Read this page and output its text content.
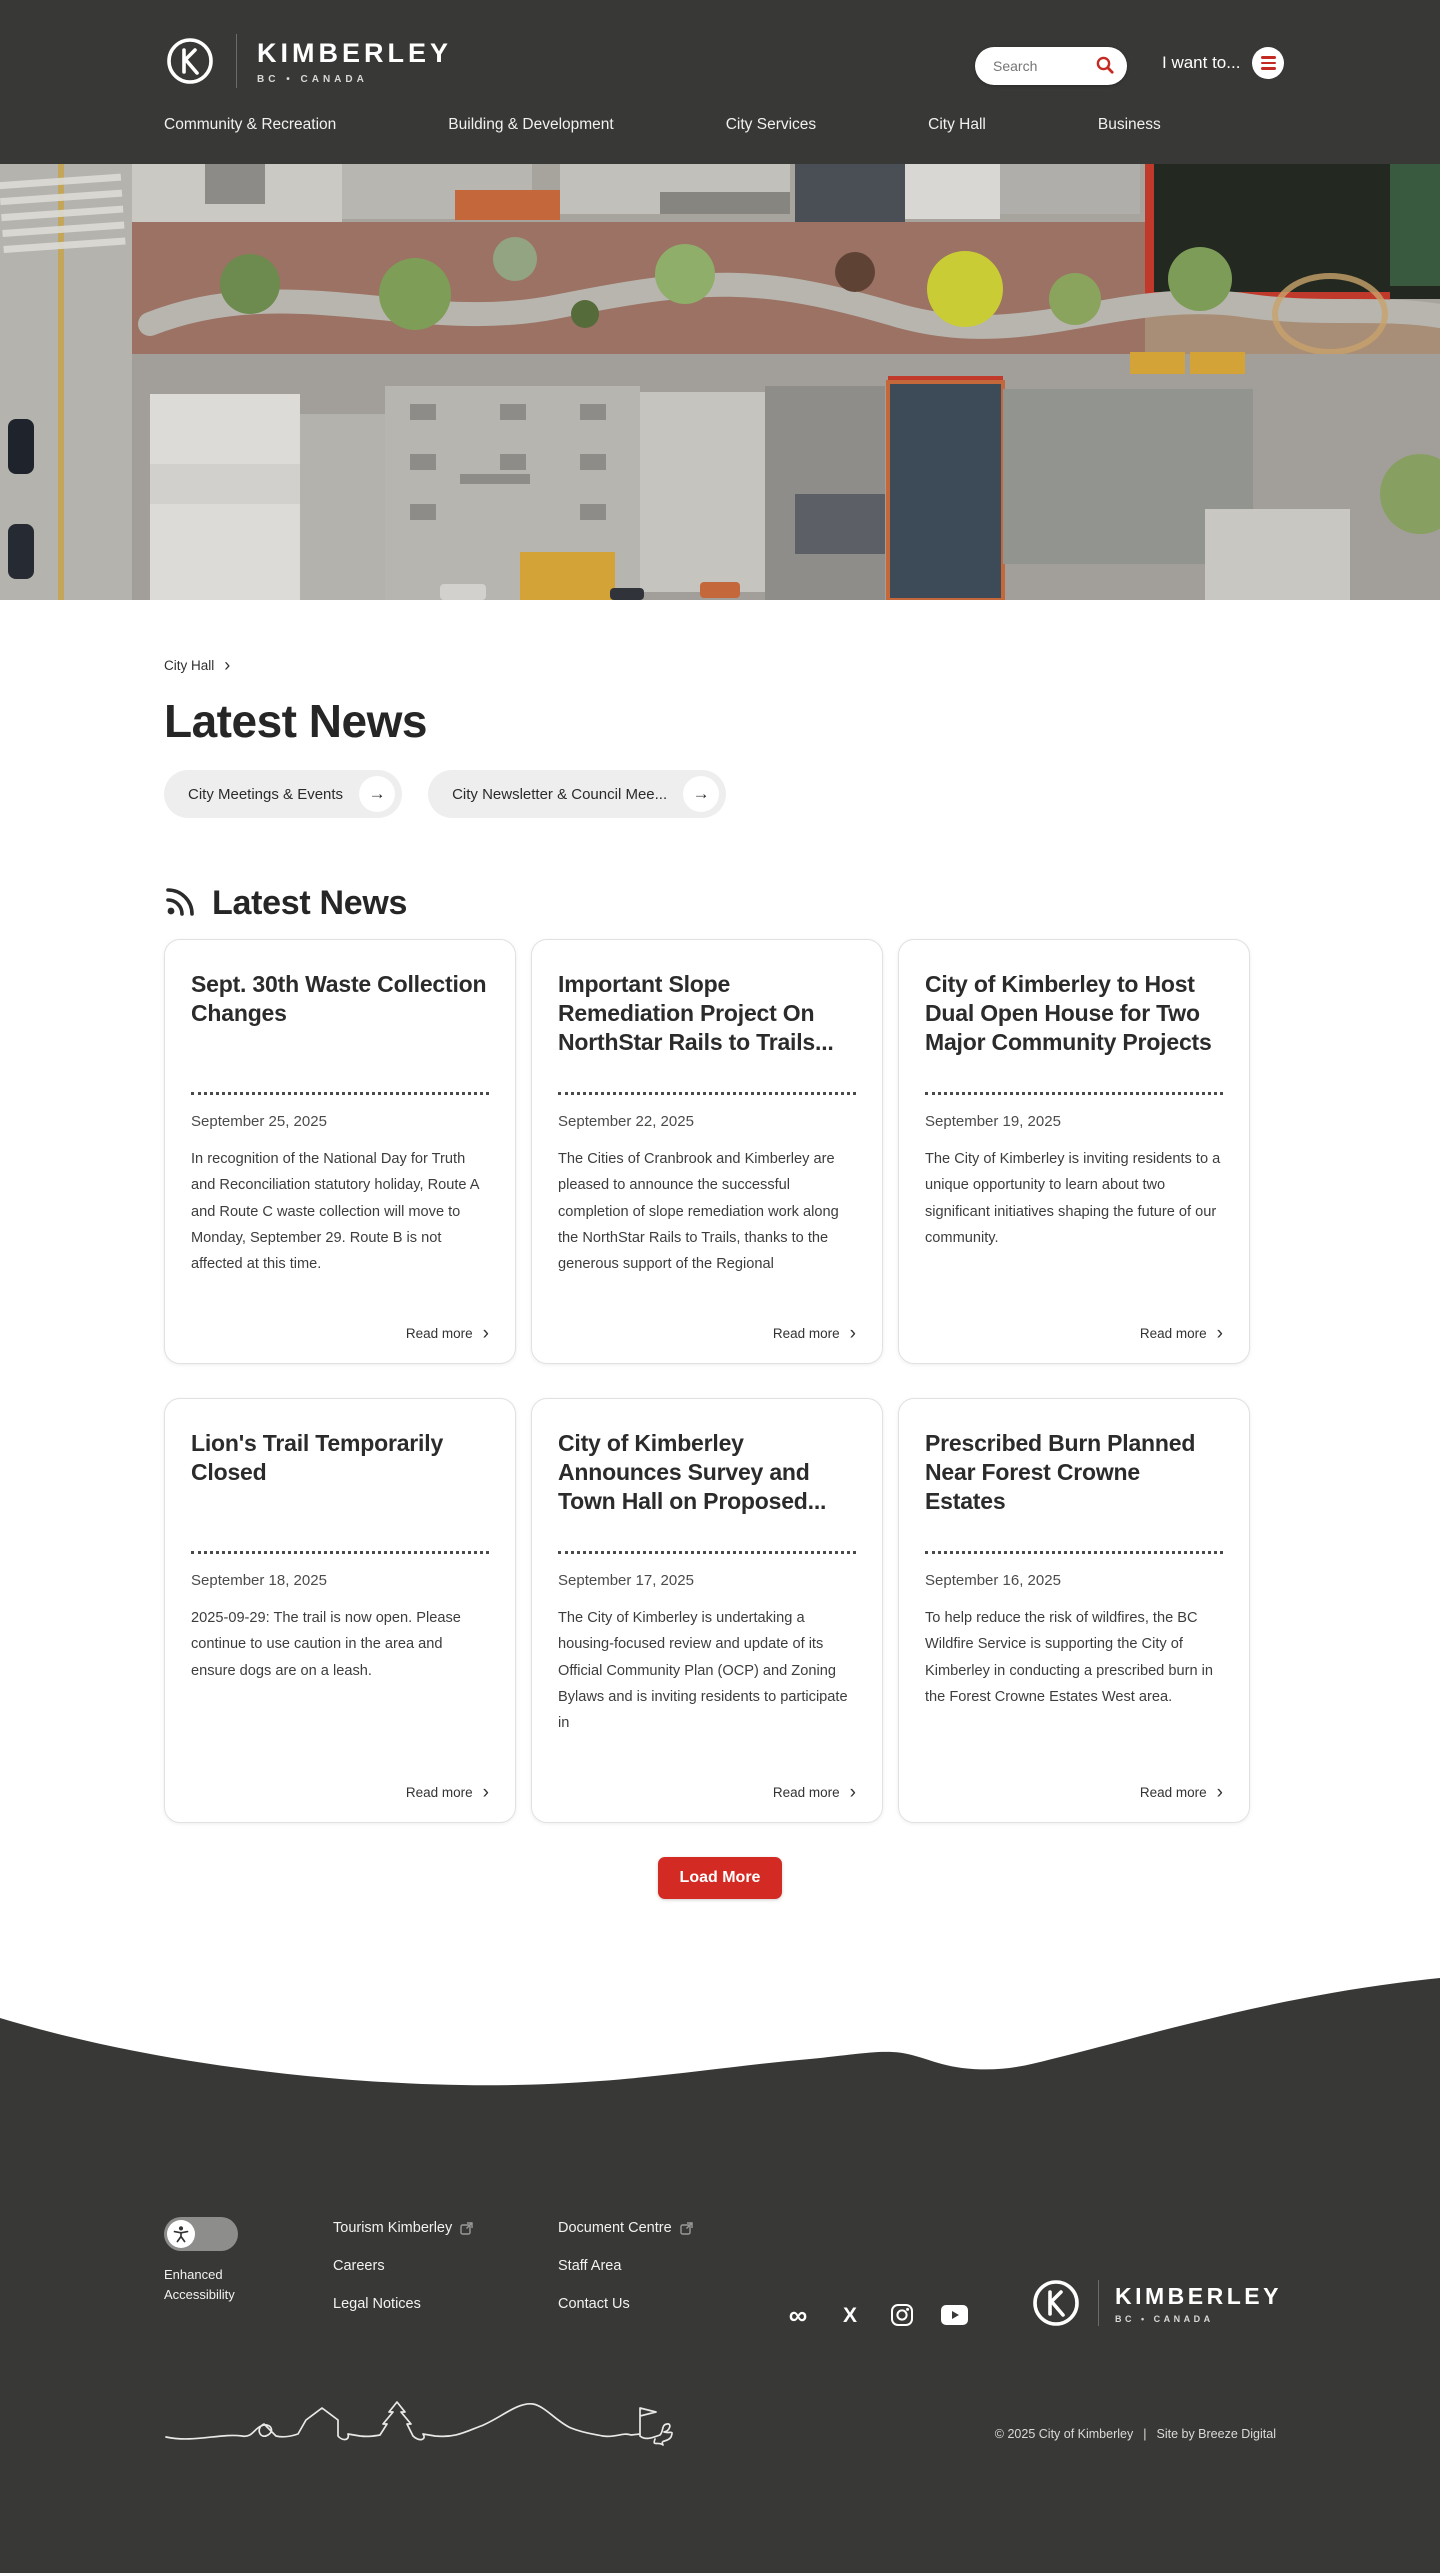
KIMBERLEY
BC • CANADA
Search
I want to...
Community & Recreation	Building & Development	City Services	City Hall	Business
City Hall ›
Latest News
City Meetings & Events	→	City Newsletter & Council Mee...	→
Latest News
Sept. 30th Waste Collection Changes
September 25, 2025

In recognition of the National Day for Truth and Reconciliation statutory holiday, Route A and Route C waste collection will move to Monday, September 29. Route B is not affected at this time.

Read more ›
Important Slope Remediation Project On NorthStar Rails to Trails...
September 22, 2025

The Cities of Cranbrook and Kimberley are pleased to announce the successful completion of slope remediation work along the NorthStar Rails to Trails, thanks to the generous support of the Regional

Read more ›
City of Kimberley to Host Dual Open House for Two Major Community Projects
September 19, 2025

The City of Kimberley is inviting residents to a unique opportunity to learn about two significant initiatives shaping the future of our community.

Read more ›
Lion's Trail Temporarily Closed
September 18, 2025

2025-09-29: The trail is now open. Please continue to use caution in the area and ensure dogs are on a leash.

Read more ›
City of Kimberley Announces Survey and Town Hall on Proposed...
September 17, 2025

The City of Kimberley is undertaking a housing-focused review and update of its Official Community Plan (OCP) and Zoning Bylaws and is inviting residents to participate in

Read more ›
Prescribed Burn Planned Near Forest Crowne Estates
September 16, 2025

To help reduce the risk of wildfires, the BC Wildfire Service is supporting the City of Kimberley in conducting a prescribed burn in the Forest Crowne Estates West area.

Read more ›
Load More
Enhanced Accessibility
Tourism Kimberley
Careers
Legal Notices
Document Centre
Staff Area
Contact Us	∞ X
KIMBERLEY
BC • CANADA
© 2025 City of Kimberley | Site by Breeze Digital
